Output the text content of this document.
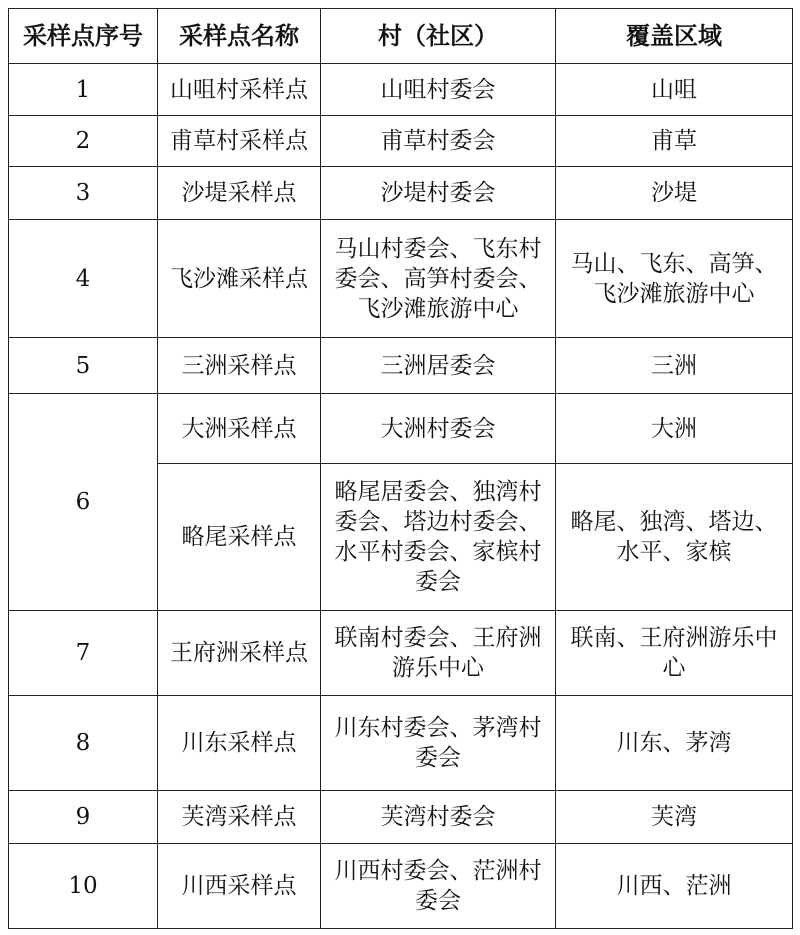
采样点序号	采样点名称	村（社区）	覆盖区域
1	山咀村采样点	山咀村委会	山咀
2	甫草村采样点	甫草村委会	甫草
3	沙堤采样点	沙堤村委会	沙堤
4	飞沙滩采样点	马山村委会、飞东村委会、高笋村委会、飞沙滩旅游中心	马山、飞东、高笋、飞沙滩旅游中心
5	三洲采样点	三洲居委会	三洲
6	大洲采样点	大洲村委会	大洲
	略尾采样点	略尾居委会、独湾村委会、塔边村委会、水平村委会、家槟村委会	略尾、独湾、塔边、水平、家槟
7	王府洲采样点	联南村委会、王府洲游乐中心	联南、王府洲游乐中心
8	川东采样点	川东村委会、茅湾村委会	川东、茅湾
9	芙湾采样点	芙湾村委会	芙湾
10	川西采样点	川西村委会、茫洲村委会	川西、茫洲
